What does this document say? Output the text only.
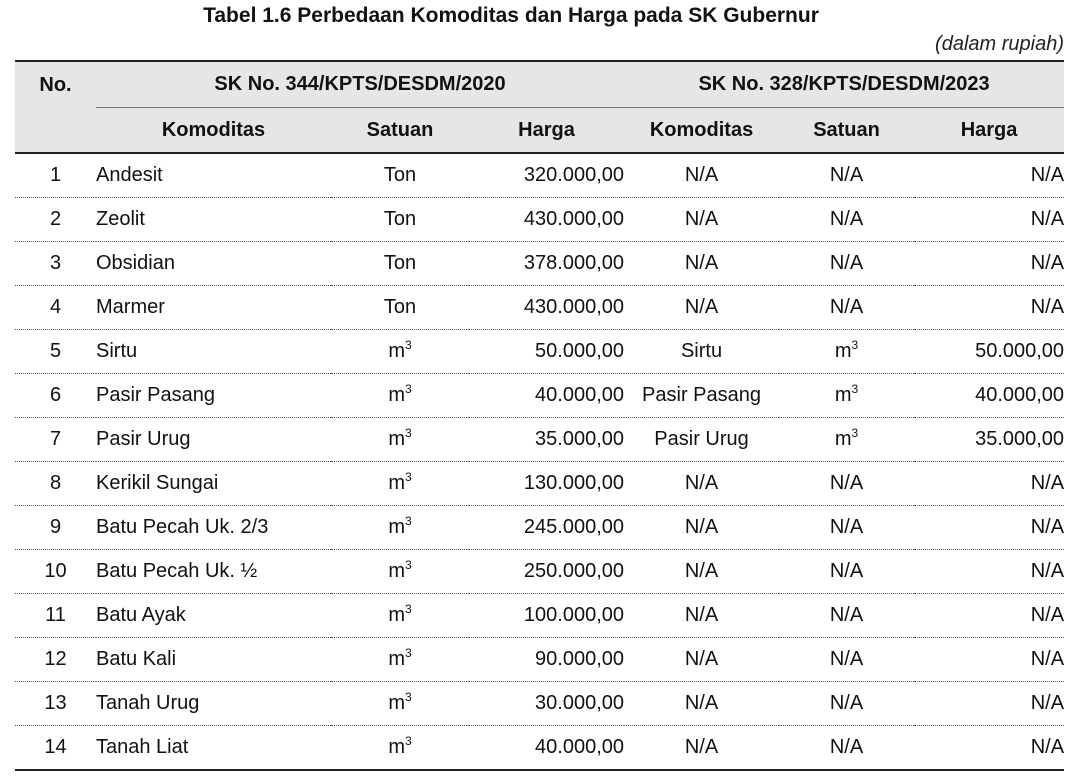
Tabel 1.6 Perbedaan Komoditas dan Harga pada SK Gubernur
(dalam rupiah)
No.	SK No. 344/KPTS/DESDM/2020			SK No. 328/KPTS/DESDM/2023		
	Komoditas	Satuan	Harga	Komoditas	Satuan	Harga
1	Andesit	Ton	320.000,00	N/A	N/A	N/A
2	Zeolit	Ton	430.000,00	N/A	N/A	N/A
3	Obsidian	Ton	378.000,00	N/A	N/A	N/A
4	Marmer	Ton	430.000,00	N/A	N/A	N/A
5	Sirtu	$m^3$	50.000,00	Sirtu	$m^3$	50.000,00
6	Pasir Pasang	$m^3$	40.000,00	Pasir Pasang	$m^3$	40.000,00
7	Pasir Urug	$m^3$	35.000,00	Pasir Urug	$m^3$	35.000,00
8	Kerikil Sungai	$m^3$	130.000,00	N/A	N/A	N/A
9	Batu Pecah Uk. 2/3	$m^3$	245.000,00	N/A	N/A	N/A
10	Batu Pecah Uk. ½	$m^3$	250.000,00	N/A	N/A	N/A
11	Batu Ayak	$m^3$	100.000,00	N/A	N/A	N/A
12	Batu Kali	$m^3$	90.000,00	N/A	N/A	N/A
13	Tanah Urug	$m^3$	30.000,00	N/A	N/A	N/A
14	Tanah Liat	$m^3$	40.000,00	N/A	N/A	N/A
